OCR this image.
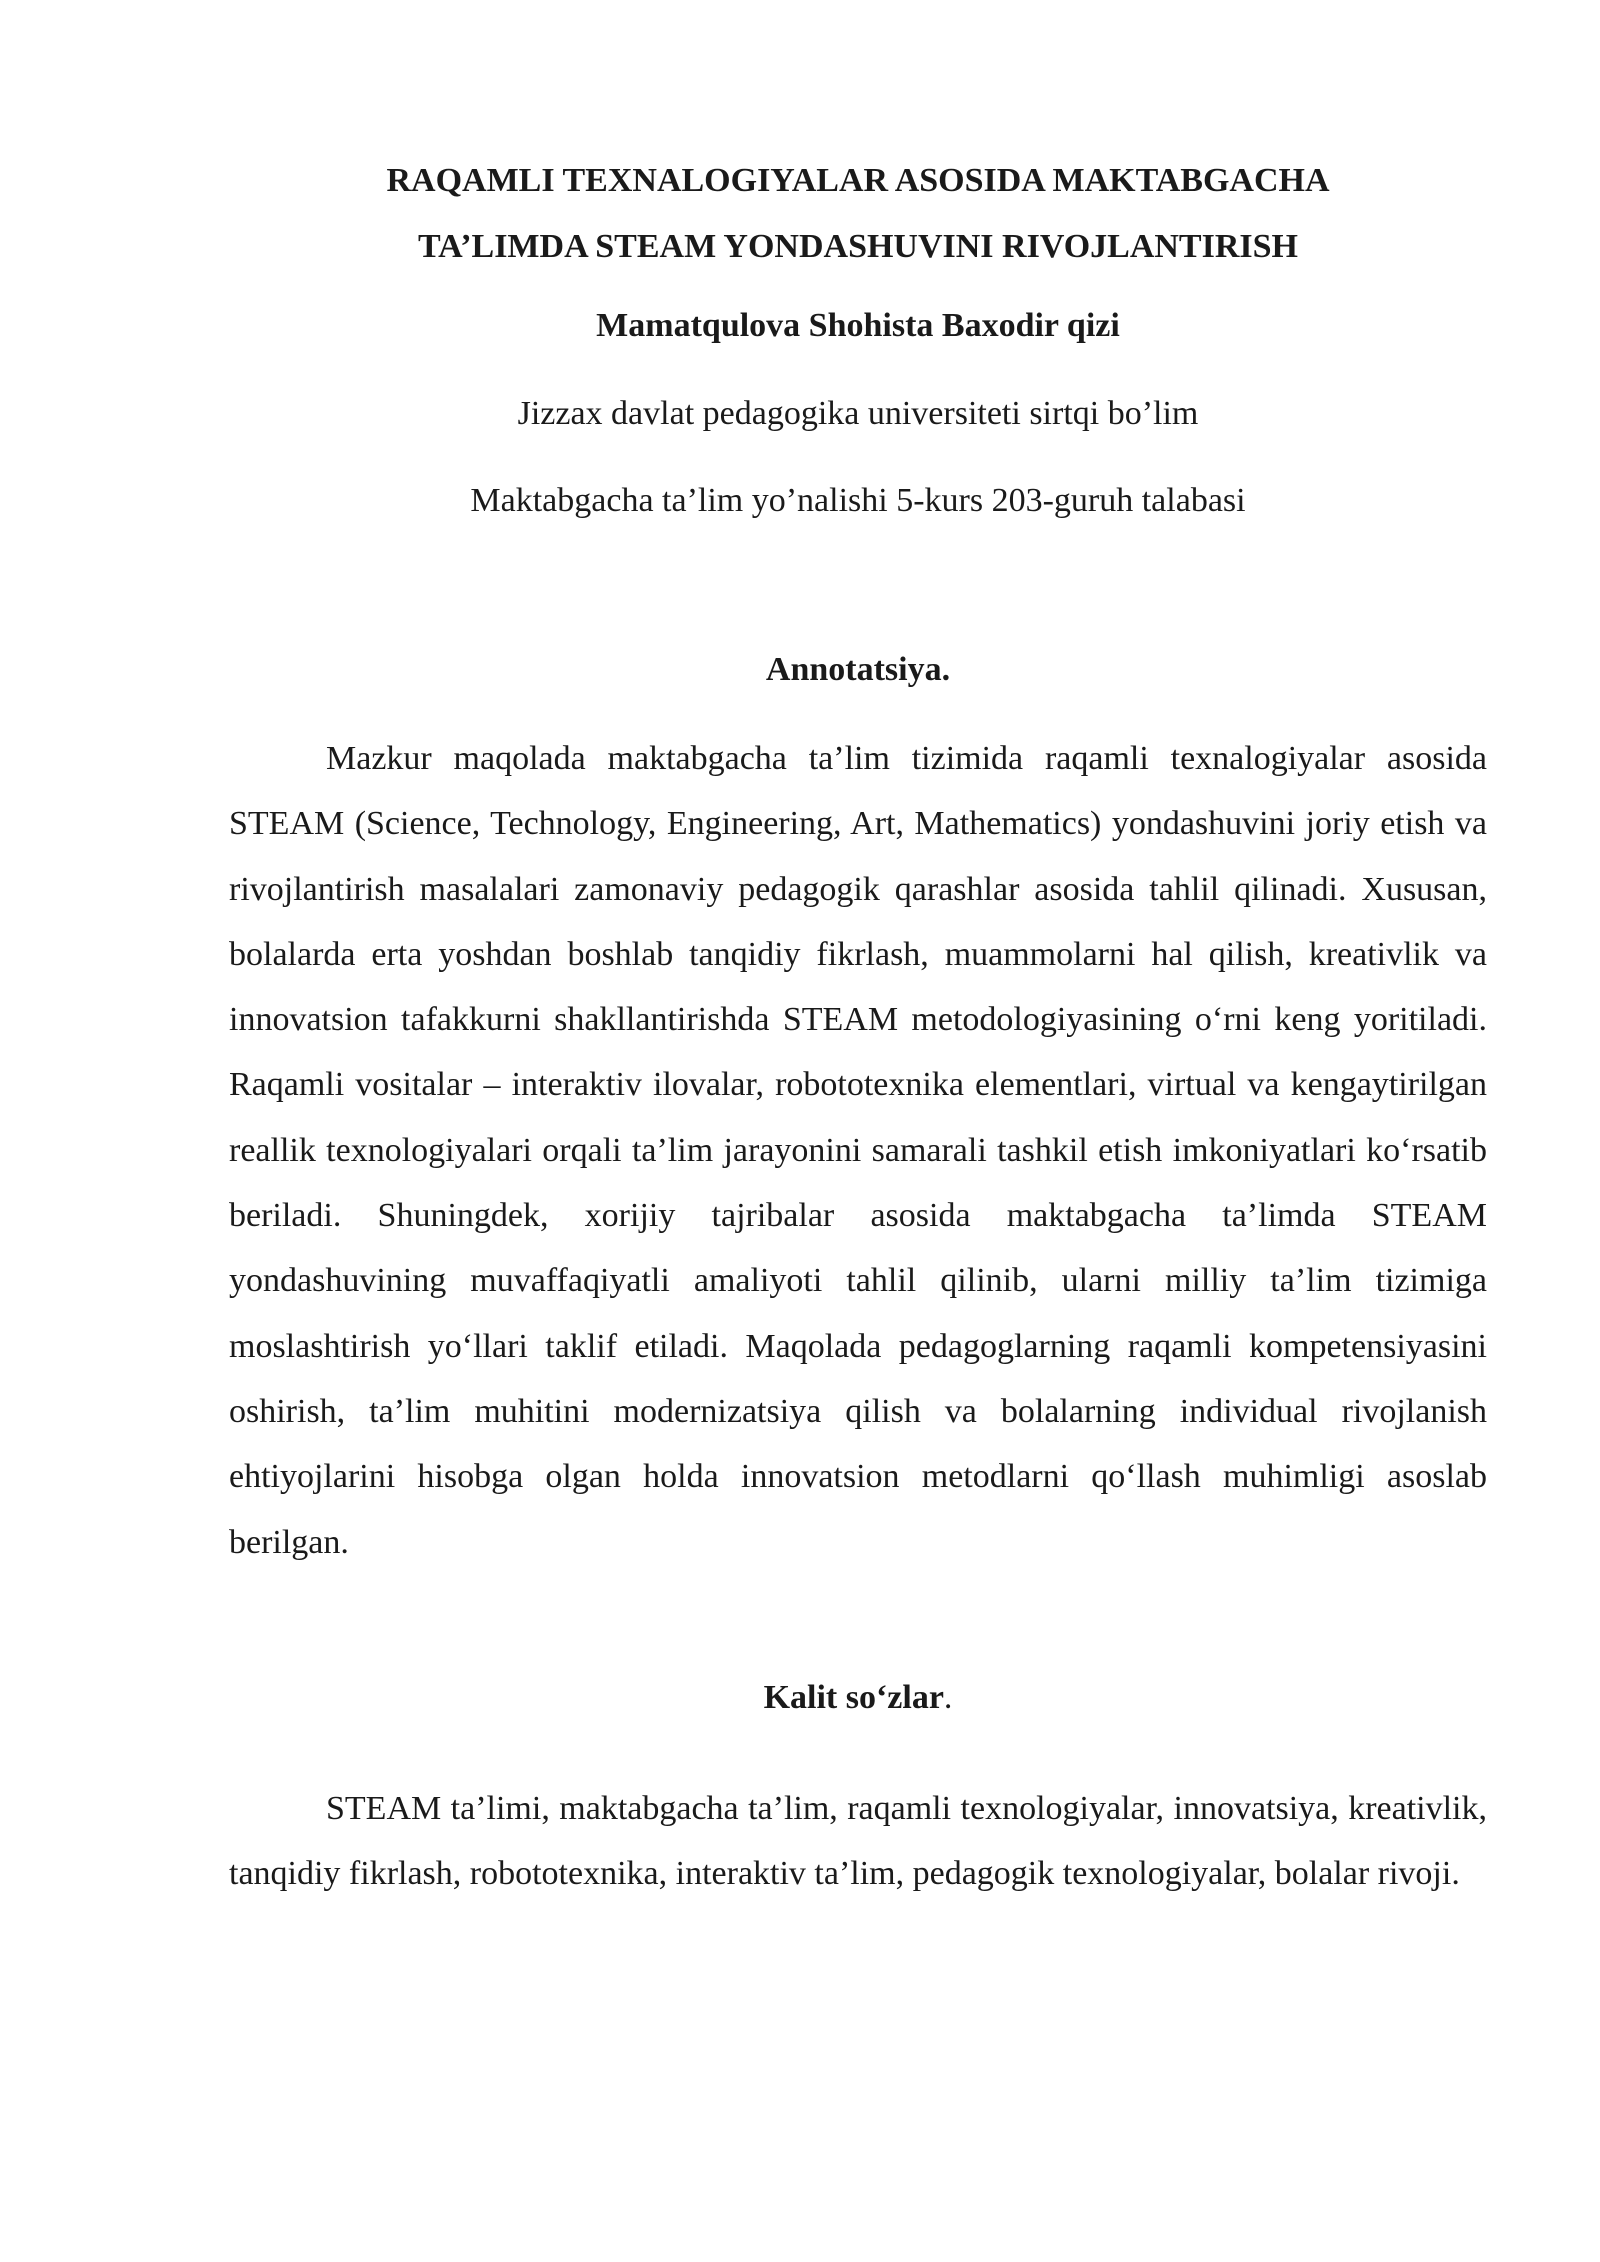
RAQAMLI TEXNALOGIYALAR ASOSIDA MAKTABGACHA
TA’LIMDA STEAM YONDASHUVINI RIVOJLANTIRISH

Mamatqulova Shohista Baxodir qizi

Jizzax davlat pedagogika universiteti sirtqi bo’lim

Maktabgacha ta’lim yo’nalishi 5-kurs 203-guruh talabasi

Annotatsiya.

Mazkur maqolada maktabgacha ta’lim tizimida raqamli texnalogiyalar asosida STEAM (Science, Technology, Engineering, Art, Mathematics) yondashuvini joriy etish va rivojlantirish masalalari zamonaviy pedagogik qarashlar asosida tahlil qilinadi. Xususan, bolalarda erta yoshdan boshlab tanqidiy fikrlash, muammolarni hal qilish, kreativlik va innovatsion tafakkurni shakllantirishda STEAM metodologiyasining o‘rni keng yoritiladi. Raqamli vositalar – interaktiv ilovalar, robototexnika elementlari, virtual va kengaytirilgan reallik texnologiyalari orqali ta’lim jarayonini samarali tashkil etish imkoniyatlari ko‘rsatib beriladi. Shuningdek, xorijiy tajribalar asosida maktabgacha ta’limda STEAM yondashuvining muvaffaqiyatli amaliyoti tahlil qilinib, ularni milliy ta’lim tizimiga moslashtirish yo‘llari taklif etiladi. Maqolada pedagoglarning raqamli kompetensiyasini oshirish, ta’lim muhitini modernizatsiya qilish va bolalarning individual rivojlanish ehtiyojlarini hisobga olgan holda innovatsion metodlarni qo‘llash muhimligi asoslab berilgan.

Kalit so‘zlar.

STEAM ta’limi, maktabgacha ta’lim, raqamli texnologiyalar, innovatsiya, kreativlik, tanqidiy fikrlash, robototexnika, interaktiv ta’lim, pedagogik texnologiyalar, bolalar rivoji.
